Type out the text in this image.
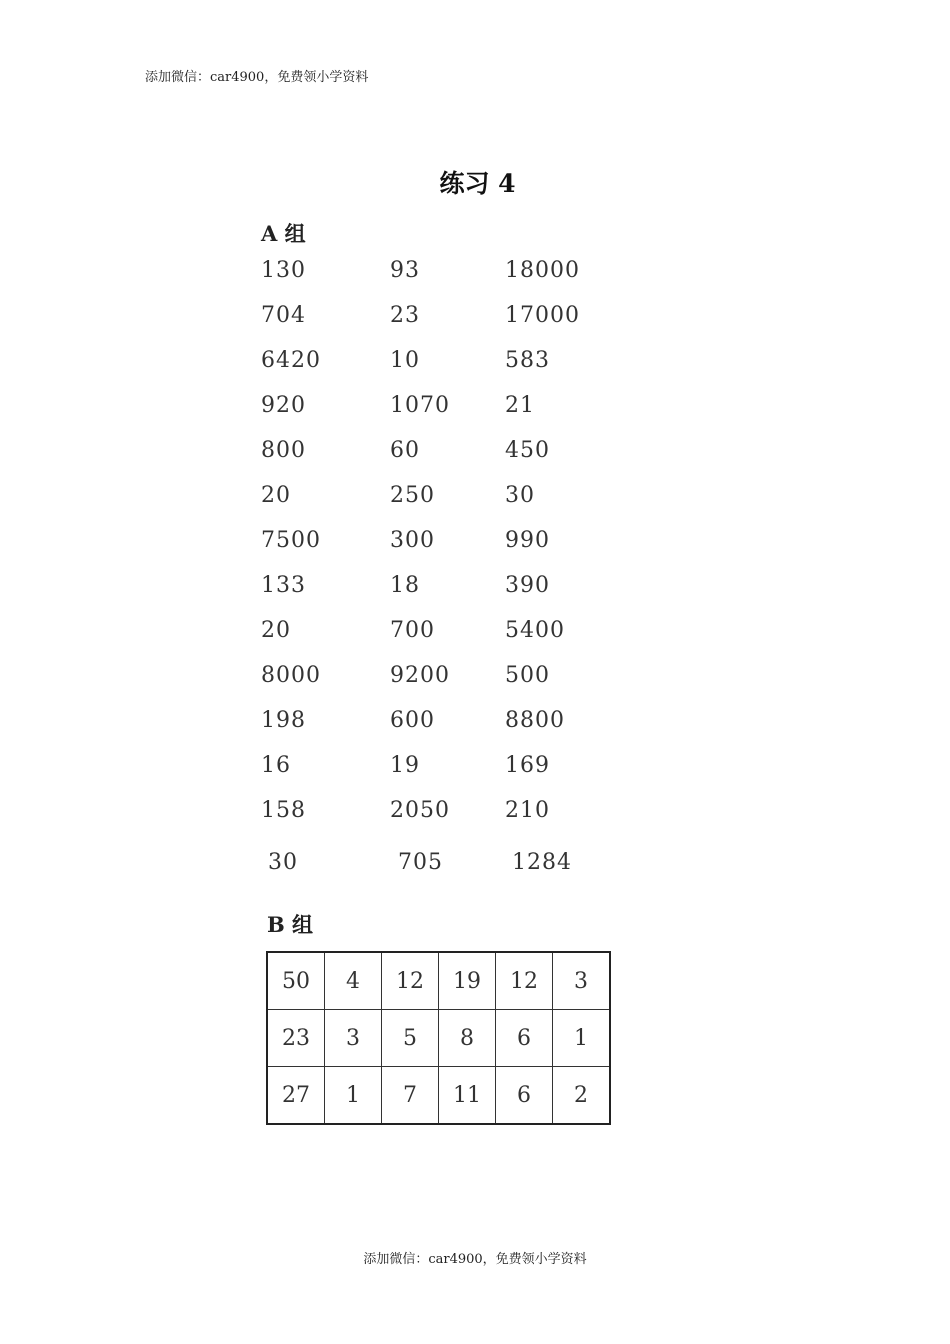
添加微信：car4900，免费领小学资料
练习 4
A 组
130	93	18000
704	23	17000
6420	10	583
920	1070	21
800	60	450
20	250	30
7500	300	990
133	18	390
20	700	5400
8000	9200	500
198	600	8800
16	19	169
158	2050	210
30	705	1284
B 组
50	4	12	19	12	3
23	3	5	8	6	1
27	1	7	11	6	2
添加微信：car4900，免费领小学资料
